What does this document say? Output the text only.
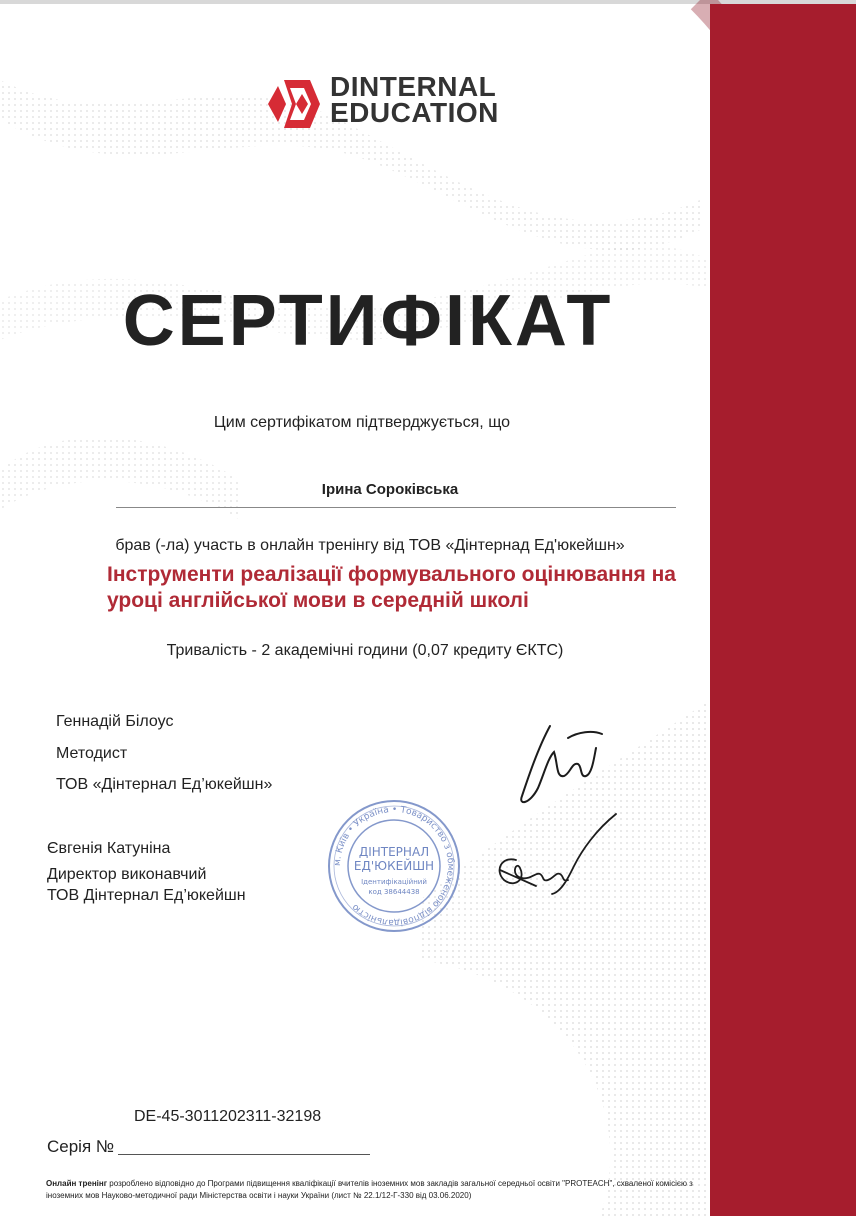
DINTERNAL
EDUCATION
СЕРТИФІКАТ
Цим сертифікатом підтверджується, що
Ірина Сороківська
брав (-ла) участь в онлайн тренінгу від ТОВ «Дінтернад Ед'юкейшн»
Інструменти реалізації формувального оцінювання на уроці англійської мови в середній школі
Тривалість - 2 академічні години (0,07 кредиту ЄКТС)
Геннадій Білоус
Методист
ТОВ «Дінтернал Ед’юкейшн»
Євгенія Катуніна
Директор виконавчий
ТОВ Дінтернал Ед’юкейшн
м. Київ • Україна • Товариство з обмеженою відповідальністю
ДІНТЕРНАЛ
ЕД'ЮКЕЙШН
Ідентифікаційний
код 38644438
DE-45-3011202311-32198
Серія №
Онлайн тренінг розроблено відповідно до Програми підвищення кваліфікації вчителів іноземних мов закладів загальної середньої освіти "PROTEACH", схваленої комісією з іноземних мов Науково-методичної ради Міністерства освіти і науки України (лист № 22.1/12-Г-330 від 03.06.2020)
